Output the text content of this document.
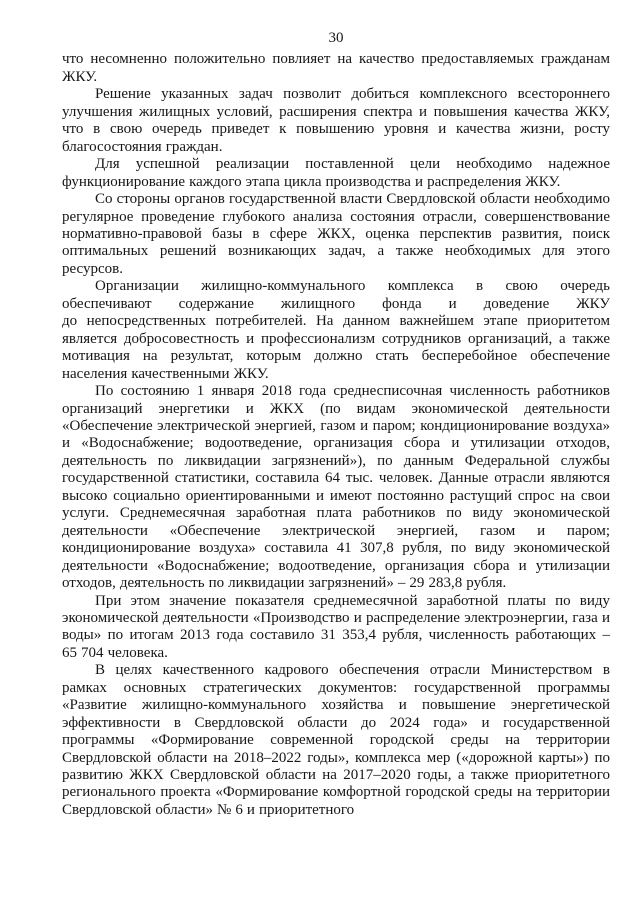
30

что несомненно положительно повлияет на качество предоставляемых гражданам ЖКУ.

Решение указанных задач позволит добиться комплексного всестороннего улучшения жилищных условий, расширения спектра и повышения качества ЖКУ, что в свою очередь приведет к повышению уровня и качества жизни, росту благосостояния граждан.

Для успешной реализации поставленной цели необходимо надежное функционирование каждого этапа цикла производства и распределения ЖКУ.

Со стороны органов государственной власти Свердловской области необходимо регулярное проведение глубокого анализа состояния отрасли, совершенствование нормативно-правовой базы в сфере ЖКХ, оценка перспектив развития, поиск оптимальных решений возникающих задач, а также необходимых для этого ресурсов.

Организации жилищно-коммунального комплекса в свою очередь обеспечивают содержание жилищного фонда и доведение ЖКУ до непосредственных потребителей. На данном важнейшем этапе приоритетом является добросовестность и профессионализм сотрудников организаций, а также мотивация на результат, которым должно стать бесперебойное обеспечение населения качественными ЖКУ.

По состоянию 1 января 2018 года среднесписочная численность работников организаций энергетики и ЖКХ (по видам экономической деятельности «Обеспечение электрической энергией, газом и паром; кондиционирование воздуха» и «Водоснабжение; водоотведение, организация сбора и утилизации отходов, деятельность по ликвидации загрязнений»), по данным Федеральной службы государственной статистики, составила 64 тыс. человек. Данные отрасли являются высоко социально ориентированными и имеют постоянно растущий спрос на свои услуги. Среднемесячная заработная плата работников по виду экономической деятельности «Обеспечение электрической энергией, газом и паром; кондиционирование воздуха» составила 41 307,8 рубля, по виду экономической деятельности «Водоснабжение; водоотведение, организация сбора и утилизации отходов, деятельность по ликвидации загрязнений» – 29 283,8 рубля.

При этом значение показателя среднемесячной заработной платы по виду экономической деятельности «Производство и распределение электроэнергии, газа и воды» по итогам 2013 года составило 31 353,4 рубля, численность работающих – 65 704 человека.

В целях качественного кадрового обеспечения отрасли Министерством в рамках основных стратегических документов: государственной программы «Развитие жилищно-коммунального хозяйства и повышение энергетической эффективности в Свердловской области до 2024 года» и государственной программы «Формирование современной городской среды на территории Свердловской области на 2018–2022 годы», комплекса мер («дорожной карты») по развитию ЖКХ Свердловской области на 2017–2020 годы, а также приоритетного регионального проекта «Формирование комфортной городской среды на территории Свердловской области» № 6 и приоритетного
